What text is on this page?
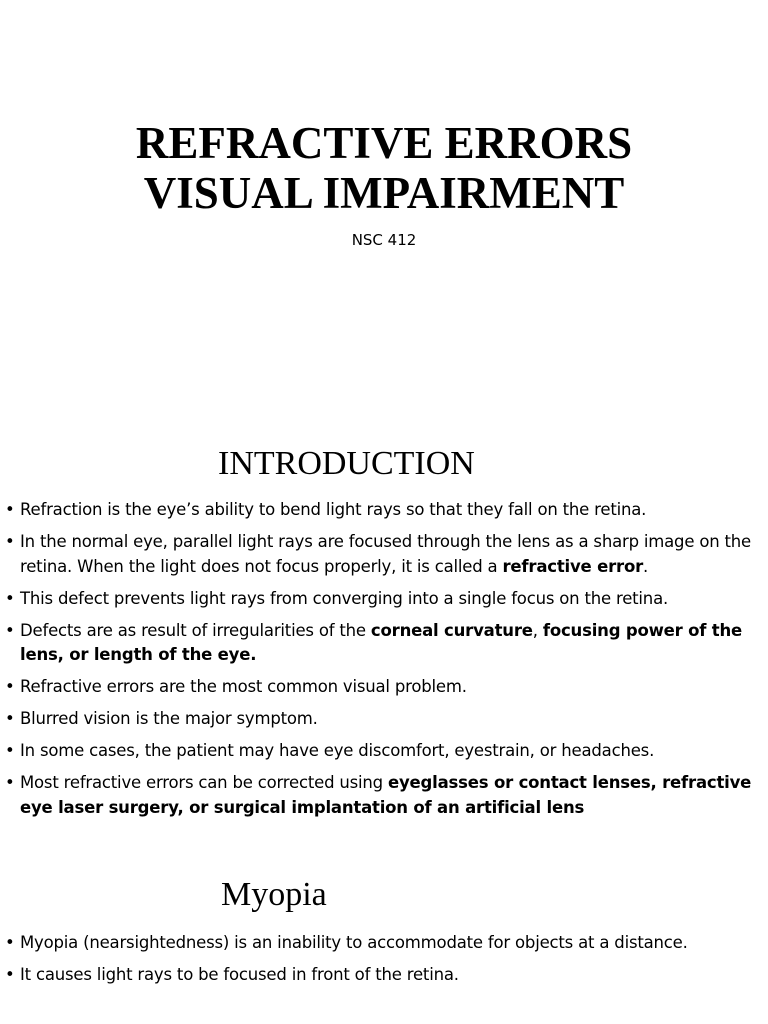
REFRACTIVE ERRORS
VISUAL IMPAIRMENT

NSC 412

INTRODUCTION
• Refraction is the eye’s ability to bend light rays so that they fall on the retina.
• In the normal eye, parallel light rays are focused through the lens as a sharp image on the retina. When the light does not focus properly, it is called a refractive error.
• This defect prevents light rays from converging into a single focus on the retina.
• Defects are as result of irregularities of the corneal curvature, focusing power of the lens, or length of the eye.
• Refractive errors are the most common visual problem.
• Blurred vision is the major symptom.
• In some cases, the patient may have eye discomfort, eyestrain, or headaches.
• Most refractive errors can be corrected using eyeglasses or contact lenses, refractive eye laser surgery, or surgical implantation of an artificial lens
Myopia
• Myopia (nearsightedness) is an inability to accommodate for objects at a distance.
• It causes light rays to be focused in front of the retina.
